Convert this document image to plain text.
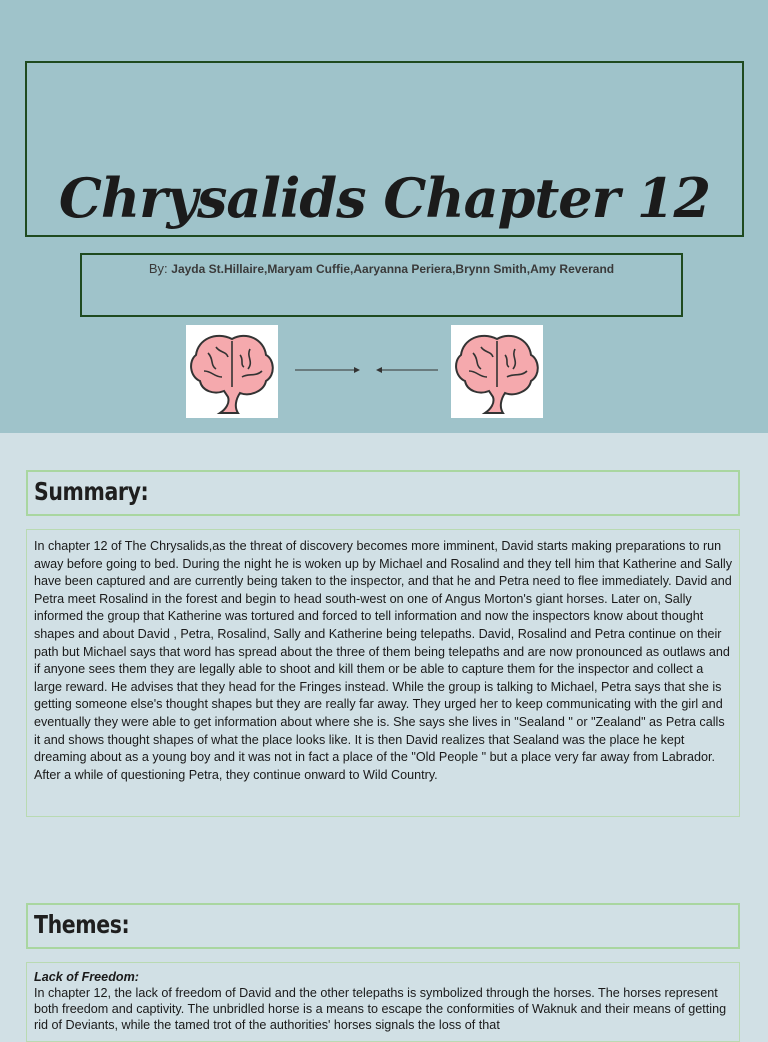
Chrysalids Chapter 12
By: Jayda St.Hillaire,Maryam Cuffie,Aaryanna Periera,Brynn Smith,Amy Reverand
Summary:
In chapter 12 of The Chrysalids,as the threat of discovery becomes more imminent, David starts making preparations to run away before going to bed. During the night he is woken up by Michael and Rosalind and they tell him that Katherine and Sally have been captured and are currently being taken to the inspector, and that he and Petra need to flee immediately. David and Petra meet Rosalind in the forest and begin to head south-west on one of Angus Morton's giant horses. Later on, Sally informed the group that Katherine was tortured and forced to tell information and now the inspectors know about thought shapes and about David , Petra, Rosalind, Sally and Katherine being telepaths. David, Rosalind and Petra continue on their path but Michael says that word has spread about the three of them being telepaths and are now pronounced as outlaws and if anyone sees them they are legally able to shoot and kill them or be able to capture them for the inspector and collect a large reward. He advises that they head for the Fringes instead. While the group is talking to Michael, Petra says that she is getting someone else's thought shapes but they are really far away. They urged her to keep communicating with the girl and eventually they were able to get information about where she is. She says she lives in "Sealand " or "Zealand" as Petra calls it and shows thought shapes of what the place looks like. It is then David realizes that Sealand was the place he kept dreaming about as a young boy and it was not in fact a place of the "Old People " but a place very far away from Labrador. After a while of questioning Petra, they continue onward to Wild Country.
Themes:
Lack of Freedom:
In chapter 12, the lack of freedom of David and the other telepaths is symbolized through the horses. The horses represent both freedom and captivity. The unbridled horse is a means to escape the conformities of Waknuk and their means of getting rid of Deviants, while the tamed trot of the authorities' horses signals the loss of that
